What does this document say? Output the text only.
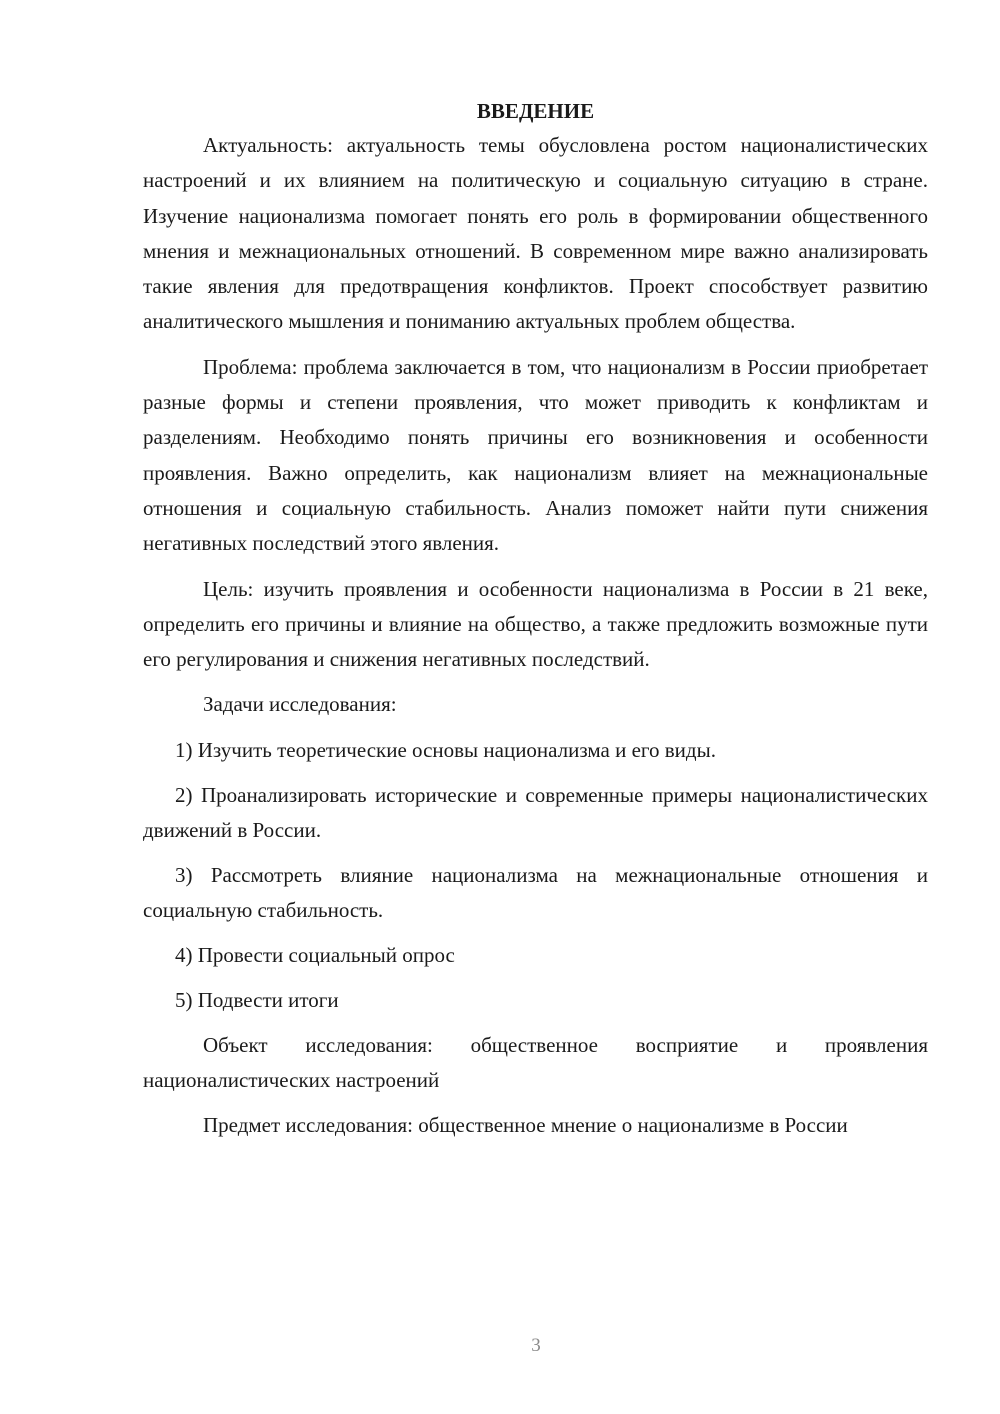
ВВЕДЕНИЕ

Актуальность: актуальность темы обусловлена ростом националистических настроений и их влиянием на политическую и социальную ситуацию в стране. Изучение национализма помогает понять его роль в формировании общественного мнения и межнациональных отношений. В современном мире важно анализировать такие явления для предотвращения конфликтов. Проект способствует развитию аналитического мышления и пониманию актуальных проблем общества.

Проблема: проблема заключается в том, что национализм в России приобретает разные формы и степени проявления, что может приводить к конфликтам и разделениям. Необходимо понять причины его возникновения и особенности проявления. Важно определить, как национализм влияет на межнациональные отношения и социальную стабильность. Анализ поможет найти пути снижения негативных последствий этого явления.

Цель: изучить проявления и особенности национализма в России в 21 веке, определить его причины и влияние на общество, а также предложить возможные пути его регулирования и снижения негативных последствий.

Задачи исследования:

1) Изучить теоретические основы национализма и его виды.

2) Проанализировать исторические и современные примеры националистических движений в России.

3) Рассмотреть влияние национализма на межнациональные отношения и социальную стабильность.

4) Провести социальный опрос

5) Подвести итоги

Объект исследования: общественное восприятие и проявления националистических настроений

Предмет исследования: общественное мнение о национализме в России

3
